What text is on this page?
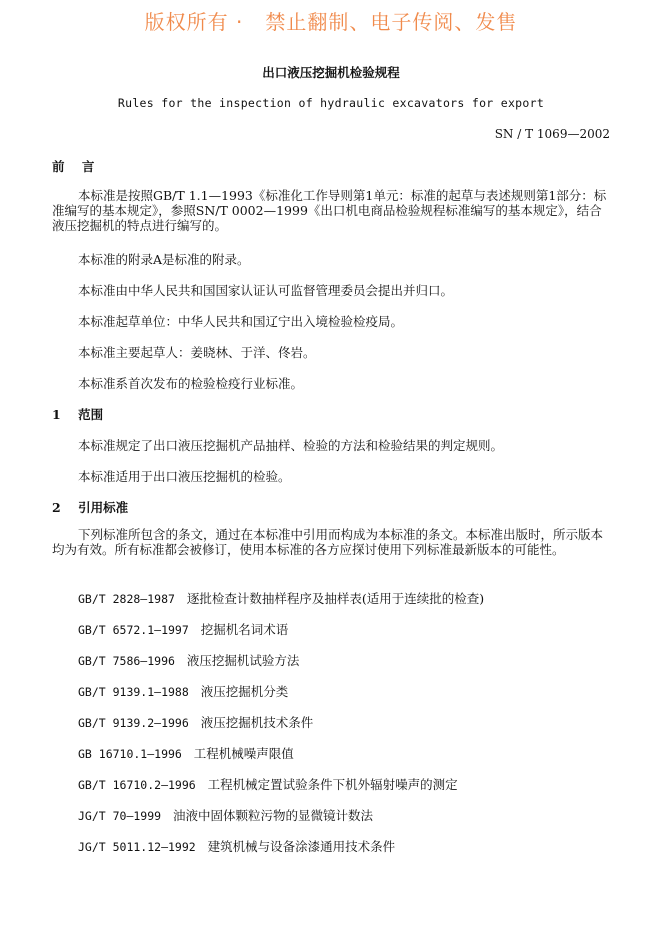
版权所有 ·   禁止翻制、电子传阅、发售
出口液压挖掘机检验规程
Rules for the inspection of hydraulic excavators for export
SN / T 1069—2002
前    言
本标准是按照GB/T 1.1—1993《标准化工作导则第1单元：标准的起草与表述规则第1部分：标准编写的基本规定》，参照SN/T 0002—1999《出口机电商品检验规程标准编写的基本规定》，结合液压挖掘机的特点进行编写的。
本标准的附录A是标准的附录。
本标准由中华人民共和国国家认证认可监督管理委员会提出并归口。
本标准起草单位：中华人民共和国辽宁出入境检验检疫局。
本标准主要起草人：姜晓林、于洋、佟岩。
本标准系首次发布的检验检疫行业标准。
1    范围
本标准规定了出口液压挖掘机产品抽样、检验的方法和检验结果的判定规则。
本标准适用于出口液压挖掘机的检验。
2    引用标准
下列标准所包含的条文，通过在本标准中引用而构成为本标准的条文。本标准出版时，所示版本均为有效。所有标准都会被修订，使用本标准的各方应探讨使用下列标准最新版本的可能性。
GB/T 2828—1987 逐批检查计数抽样程序及抽样表(适用于连续批的检查)
GB/T 6572.1—1997 挖掘机名词术语
GB/T 7586—1996 液压挖掘机试验方法
GB/T 9139.1—1988 液压挖掘机分类
GB/T 9139.2—1996 液压挖掘机技术条件
GB 16710.1—1996 工程机械噪声限值
GB/T 16710.2—1996 工程机械定置试验条件下机外辐射噪声的测定
JG/T 70—1999 油液中固体颗粒污物的显微镜计数法
JG/T 5011.12—1992 建筑机械与设备涂漆通用技术条件
